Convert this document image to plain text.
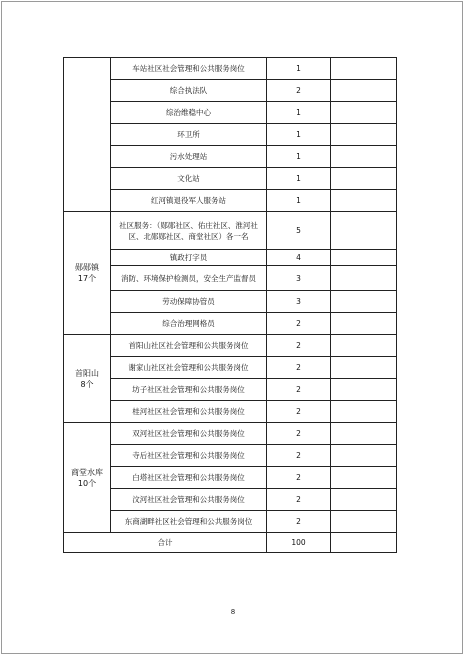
	车站社区社会管理和公共服务岗位	1	
	综合执法队	2	
	综治维稳中心	1	
	环卫所	1	
	污水处理站	1	
	文化站	1	
	红河镇退役军人服务站	1	

郧郧镇
17个	社区服务：（郧郧社区、佑庄社区、淮河社区、北郧郧社区、商堂社区）各一名	5	
	镇政打字员	4	
	消防、环境保护检测员，安全生产监督员	3	
	劳动保障协管员	3	
	综合治理网格员	2	

首阳山
8个	首阳山社区社会管理和公共服务岗位	2	
	谢家山社区社会管理和公共服务岗位	2	
	坊子社区社会管理和公共服务岗位	2	
	桂河社区社会管理和公共服务岗位	2	

商堂水库
10个	双河社区社会管理和公共服务岗位	2	
	寺后社区社会管理和公共服务岗位	2	
	白塔社区社会管理和公共服务岗位	2	
	汶河社区社会管理和公共服务岗位	2	
	东商湖畔社区社会管理和公共服务岗位	2	
合计		100	
8
